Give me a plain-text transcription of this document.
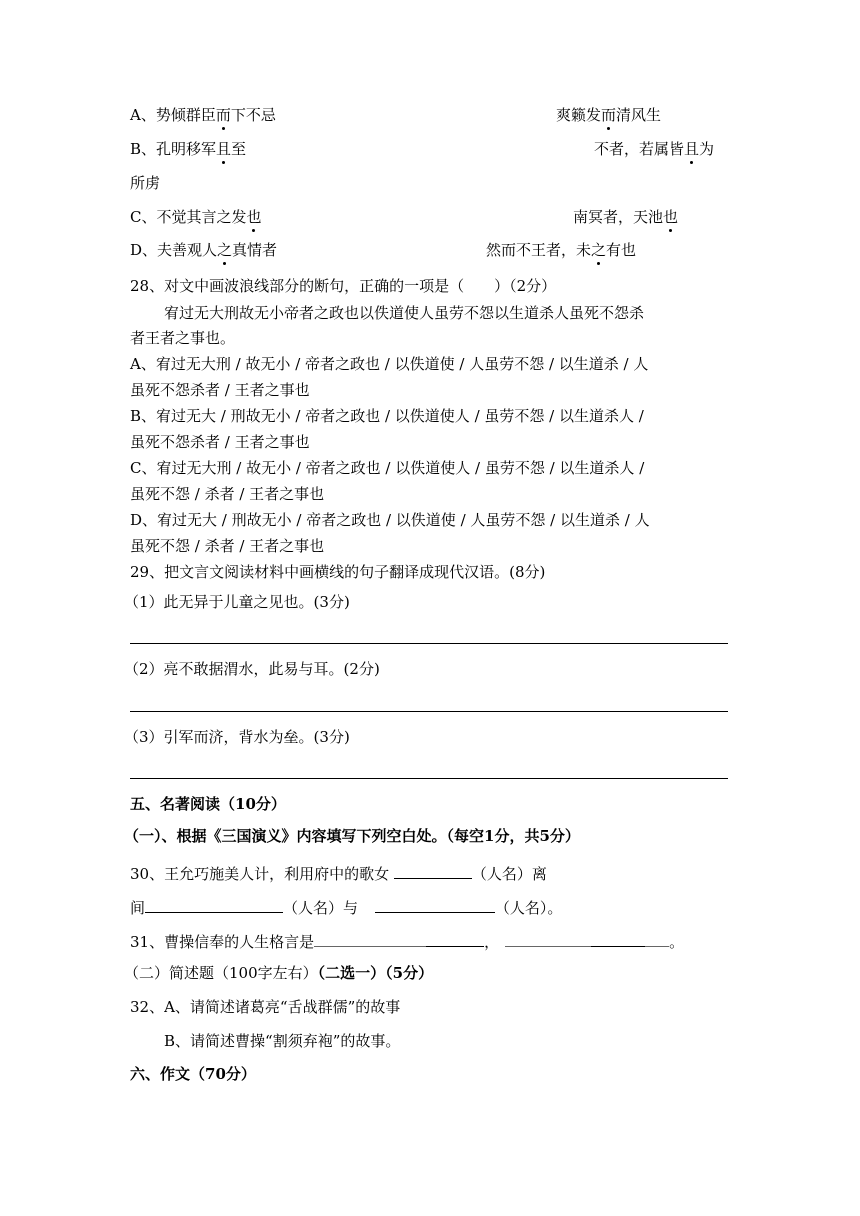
A、势倾群臣而下不忌	爽籁发而清风生
B、孔明移军且至	不者，若属皆且为
所虏
C、不觉其言之发也	南冥者，天池也
D、夫善观人之真情者	然而不王者，未之有也
28、对文中画波浪线部分的断句，正确的一项是（　　）（2分）
宥过无大刑故无小帝者之政也以佚道使人虽劳不怨以生道杀人虽死不怨杀
者王者之事也。
A、宥过无大刑 / 故无小 / 帝者之政也 / 以佚道使 / 人虽劳不怨 / 以生道杀 / 人
虽死不怨杀者 / 王者之事也
B、宥过无大 / 刑故无小 / 帝者之政也 / 以佚道使人 / 虽劳不怨 / 以生道杀人 /
虽死不怨杀者 / 王者之事也
C、宥过无大刑 / 故无小 / 帝者之政也 / 以佚道使人 / 虽劳不怨 / 以生道杀人 /
虽死不怨 / 杀者 / 王者之事也
D、宥过无大 / 刑故无小 / 帝者之政也 / 以佚道使 / 人虽劳不怨 / 以生道杀 / 人
虽死不怨 / 杀者 / 王者之事也
29、把文言文阅读材料中画横线的句子翻译成现代汉语。(8分)
（1）此无异于儿童之见也。(3分)
（2）亮不敢据渭水，此易与耳。(2分)
（3）引军而济，背水为垒。(3分)
五、名著阅读（10分）
（一）、根据《三国演义》内容填写下列空白处。（每空1分，共5分）
30、王允巧施美人计，利用府中的歌女	（人名）离
间	（人名）与	（人名）。
31、曹操信奉的人生格言是	，	。
（二）简述题（100字左右）（二选一）（5分）
32、A、请简述诸葛亮“舌战群儒”的故事
B、请简述曹操“割须弃袍”的故事。
六、作文（70分）
